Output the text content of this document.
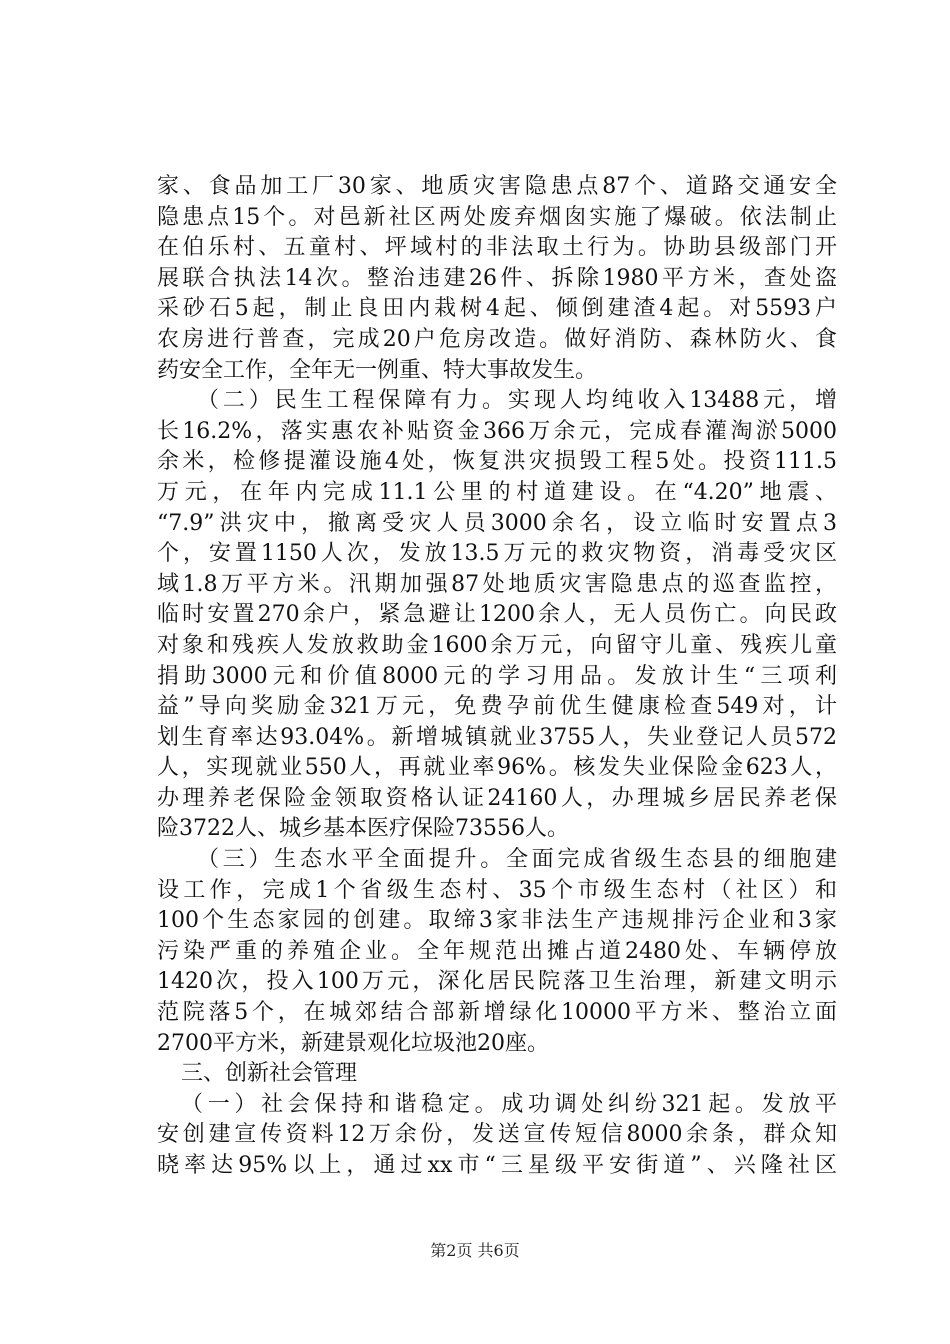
家、食品加工厂30家、地质灾害隐患点87个、道路交通安全
隐患点15个。对邑新社区两处废弃烟囱实施了爆破。依法制止
在伯乐村、五童村、坪域村的非法取土行为。协助县级部门开
展联合执法14次。整治违建26件、拆除1980平方米，查处盗
采砂石5起，制止良田内栽树4起、倾倒建渣4起。对5593户
农房进行普查，完成20户危房改造。做好消防、森林防火、食
药安全工作，全年无一例重、特大事故发生。
（二）民生工程保障有力。实现人均纯收入13488元，增
长16.2%，落实惠农补贴资金366万余元，完成春灌淘淤5000
余米，检修提灌设施4处，恢复洪灾损毁工程5处。投资111.5
万元，在年内完成11.1公里的村道建设。在“4.20”地震、
“7.9”洪灾中，撤离受灾人员3000余名，设立临时安置点3
个，安置1150人次，发放13.5万元的救灾物资，消毒受灾区
域1.8万平方米。汛期加强87处地质灾害隐患点的巡查监控，
临时安置270余户，紧急避让1200余人，无人员伤亡。向民政
对象和残疾人发放救助金1600余万元，向留守儿童、残疾儿童
捐助3000元和价值8000元的学习用品。发放计生“三项利
益”导向奖励金321万元，免费孕前优生健康检查549对，计
划生育率达93.04%。新增城镇就业3755人，失业登记人员572
人，实现就业550人，再就业率96%。核发失业保险金623人，
办理养老保险金领取资格认证24160人，办理城乡居民养老保
险3722人、城乡基本医疗保险73556人。
（三）生态水平全面提升。全面完成省级生态县的细胞建
设工作，完成1个省级生态村、35个市级生态村（社区）和
100个生态家园的创建。取缔3家非法生产违规排污企业和3家
污染严重的养殖企业。全年规范出摊占道2480处、车辆停放
1420次，投入100万元，深化居民院落卫生治理，新建文明示
范院落5个，在城郊结合部新增绿化10000平方米、整治立面
2700平方米，新建景观化垃圾池20座。
三、创新社会管理
（一）社会保持和谐稳定。成功调处纠纷321起。发放平
安创建宣传资料12万余份，发送宣传短信8000余条，群众知
晓率达95%以上，通过xx市“三星级平安街道”、兴隆社区
第2页 共6页
